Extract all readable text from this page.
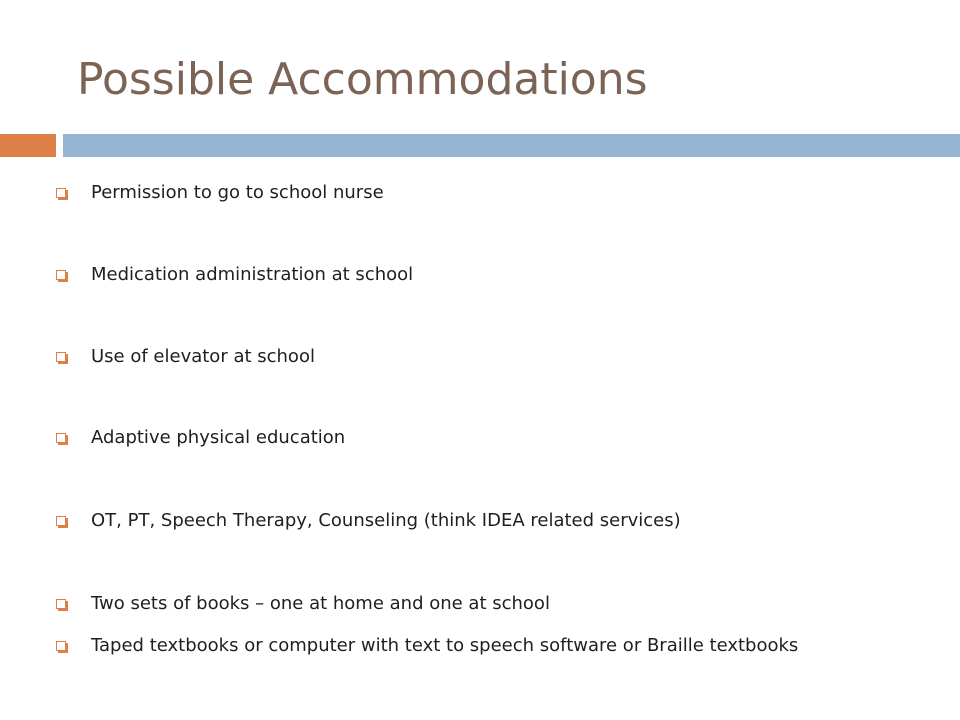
Possible Accommodations
Permission to go to school nurse
Medication administration at school
Use of elevator at school
Adaptive physical education
OT, PT, Speech Therapy, Counseling (think IDEA related services)
Two sets of books – one at home and one at school
Taped textbooks or computer with text to speech software or Braille textbooks
